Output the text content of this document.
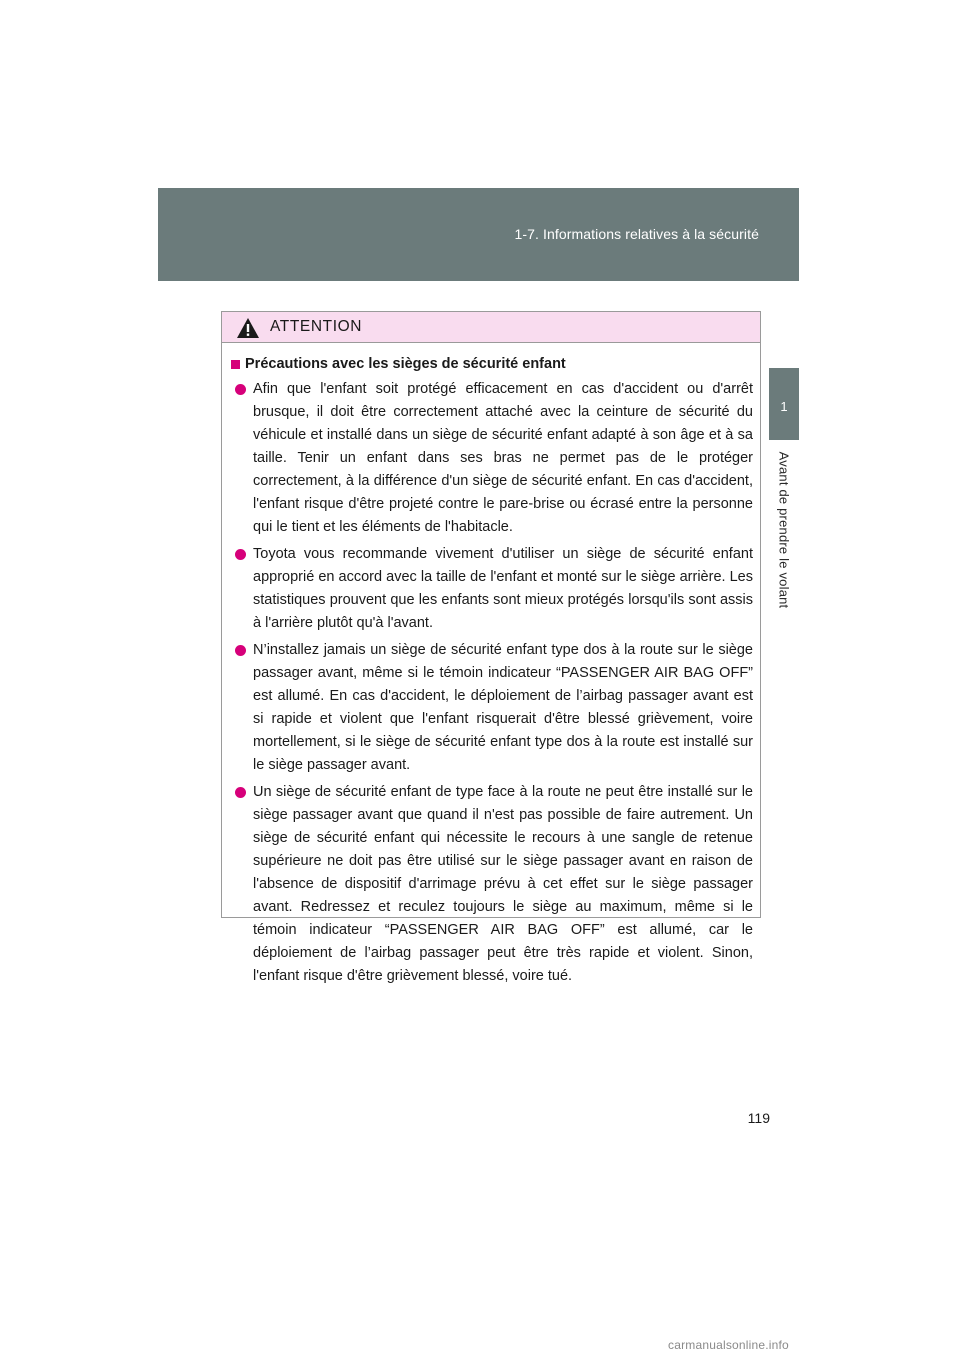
1-7. Informations relatives à la sécurité
1
Avant de prendre le volant
ATTENTION
Précautions avec les sièges de sécurité enfant
Afin que l'enfant soit protégé efficacement en cas d'accident ou d'arrêt brusque, il doit être correctement attaché avec la ceinture de sécurité du véhicule et installé dans un siège de sécurité enfant adapté à son âge et à sa taille. Tenir un enfant dans ses bras ne permet pas de le protéger correctement, à la différence d'un siège de sécurité enfant. En cas d'accident, l'enfant risque d'être projeté contre le pare-brise ou écrasé entre la personne qui le tient et les éléments de l'habitacle.
Toyota vous recommande vivement d'utiliser un siège de sécurité enfant approprié en accord avec la taille de l'enfant et monté sur le siège arrière. Les statistiques prouvent que les enfants sont mieux protégés lorsqu'ils sont assis à l'arrière plutôt qu'à l'avant.
N’installez jamais un siège de sécurité enfant type dos à la route sur le siège passager avant, même si le témoin indicateur “PASSENGER AIR BAG OFF” est allumé. En cas d'accident, le déploiement de l’airbag passager avant est si rapide et violent que l'enfant risquerait d'être blessé grièvement, voire mortellement, si le siège de sécurité enfant type dos à la route est installé sur le siège passager avant.
Un siège de sécurité enfant de type face à la route ne peut être installé sur le siège passager avant que quand il n'est pas possible de faire autrement. Un siège de sécurité enfant qui nécessite le recours à une sangle de retenue supérieure ne doit pas être utilisé sur le siège passager avant en raison de l'absence de dispositif d'arrimage prévu à cet effet sur le siège passager avant. Redressez et reculez toujours le siège au maximum, même si le témoin indicateur “PASSENGER AIR BAG OFF” est allumé, car le déploiement de l’airbag passager peut être très rapide et violent. Sinon, l'enfant risque d'être grièvement blessé, voire tué.
119
carmanualsonline.info
